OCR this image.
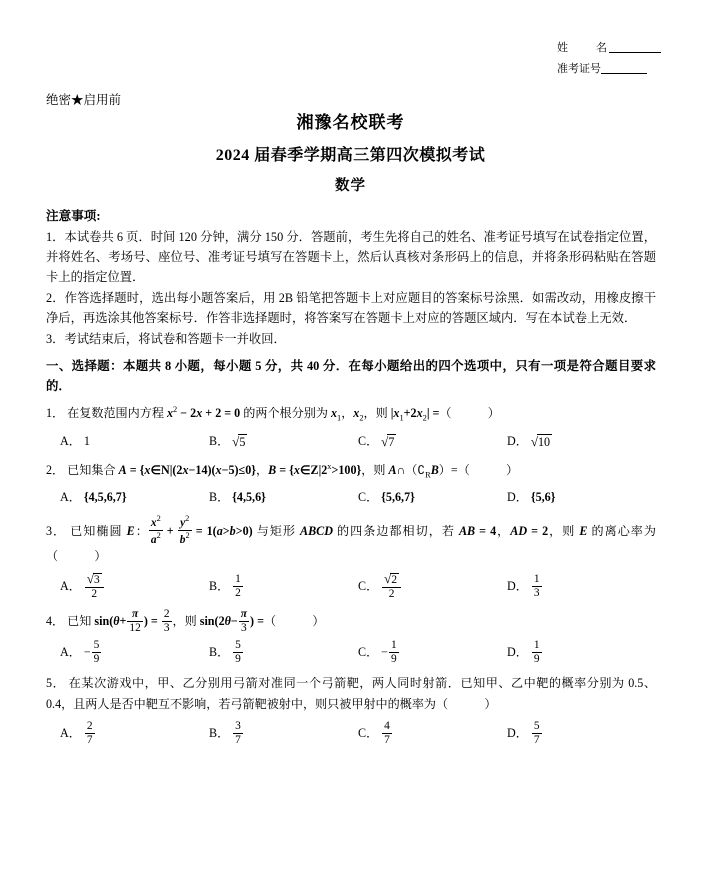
姓　　名
准考证号
绝密★启用前
湘豫名校联考
2024 届春季学期高三第四次模拟考试
数学
注意事项:

1．本试卷共 6 页．时间 120 分钟，满分 150 分．答题前，考生先将自己的姓名、准考证号填写在试卷指定位置，并将姓名、考场号、座位号、准考证号填写在答题卡上，然后认真核对条形码上的信息，并将条形码粘贴在答题卡上的指定位置．

2．作答选择题时，选出每小题答案后，用 2B 铅笔把答题卡上对应题目的答案标号涂黑．如需改动，用橡皮擦干净后，再选涂其他答案标号．作答非选择题时，将答案写在答题卡上对应的答题区域内．写在本试卷上无效．

3．考试结束后，将试卷和答题卡一并收回．

一、选择题：本题共 8 小题，每小题 5 分，共 40 分．在每小题给出的四个选项中，只有一项是符合题目要求的．
1． 在复数范围内方程 $x^2 - 2x + 2 = 0$ 的两个根分别为 $x_1$，$x_2$，则 $|x_1+2x_2|$ =（　　　）
A． 1	B． √5	C． √7	D． √10
2． 已知集合 A = {x∈N|(2x−14)(x−5)≤0}，$B = \{x\in Z|2^x>100\}$，则 $A\cap(∁_RB)=$（　　　）
A． {4,5,6,7}	B． {4,5,6}	C． {5,6,7}	D． {5,6}
3． 已知椭圆 E： $\frac{x^2}{a^2} + \frac{y^2}{b^2} = 1(a>b>0)$ 与矩形 ABCD 的四条边都相切，若 AB = 4，AD = 2，则 E 的离心率为（　　　）
A． $\frac{√3}{2}$	B． $\frac{1}{2}$	C． $\frac{√2}{2}$	D． $\frac{1}{3}$
4． 已知 $\sin(\theta+ \frac{\pi}{12}$ ) = $\frac{2}{3}$ ，则 $\sin(2\theta- \frac{\pi}{3}$ ) =（　　　）
A． − $\frac{5}{9}$	B． $\frac{5}{9}$	C． − $\frac{1}{9}$	D． $\frac{1}{9}$
5． 在某次游戏中，甲、乙分别用弓箭对准同一个弓箭靶，两人同时射箭．已知甲、乙中靶的概率分别为 0.5、0.4，且两人是否中靶互不影响，若弓箭靶被射中，则只被甲射中的概率为（　　　）
A． $\frac{2}{7}$	B． $\frac{3}{7}$	C． $\frac{4}{7}$	D． $\frac{5}{7}$
